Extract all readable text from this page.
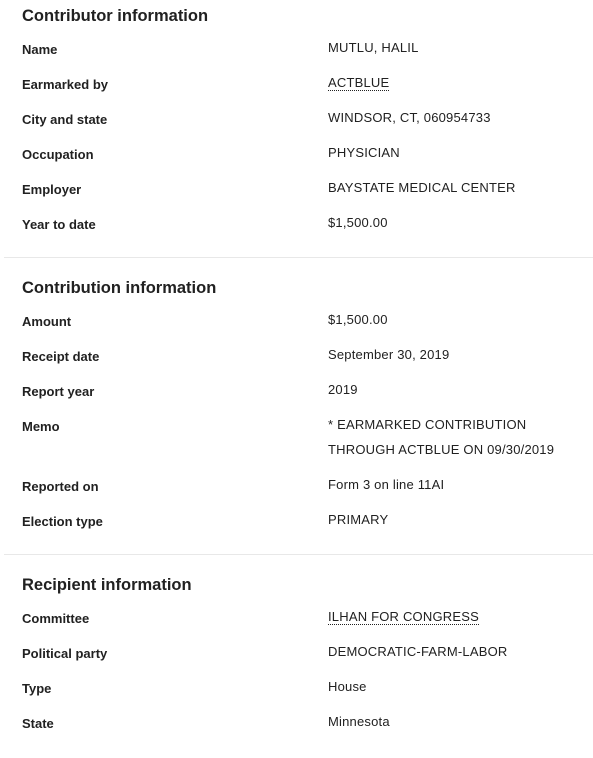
Contributor information
Name	MUTLU, HALIL
Earmarked by	ACTBLUE
City and state	WINDSOR, CT, 060954733
Occupation	PHYSICIAN
Employer	BAYSTATE MEDICAL CENTER
Year to date	$1,500.00
Contribution information
Amount	$1,500.00
Receipt date	September 30, 2019
Report year	2019
Memo	* EARMARKED CONTRIBUTION THROUGH ACTBLUE ON 09/30/2019
Reported on	Form 3 on line 11AI
Election type	PRIMARY
Recipient information
Committee	ILHAN FOR CONGRESS
Political party	DEMOCRATIC-FARM-LABOR
Type	House
State	Minnesota
